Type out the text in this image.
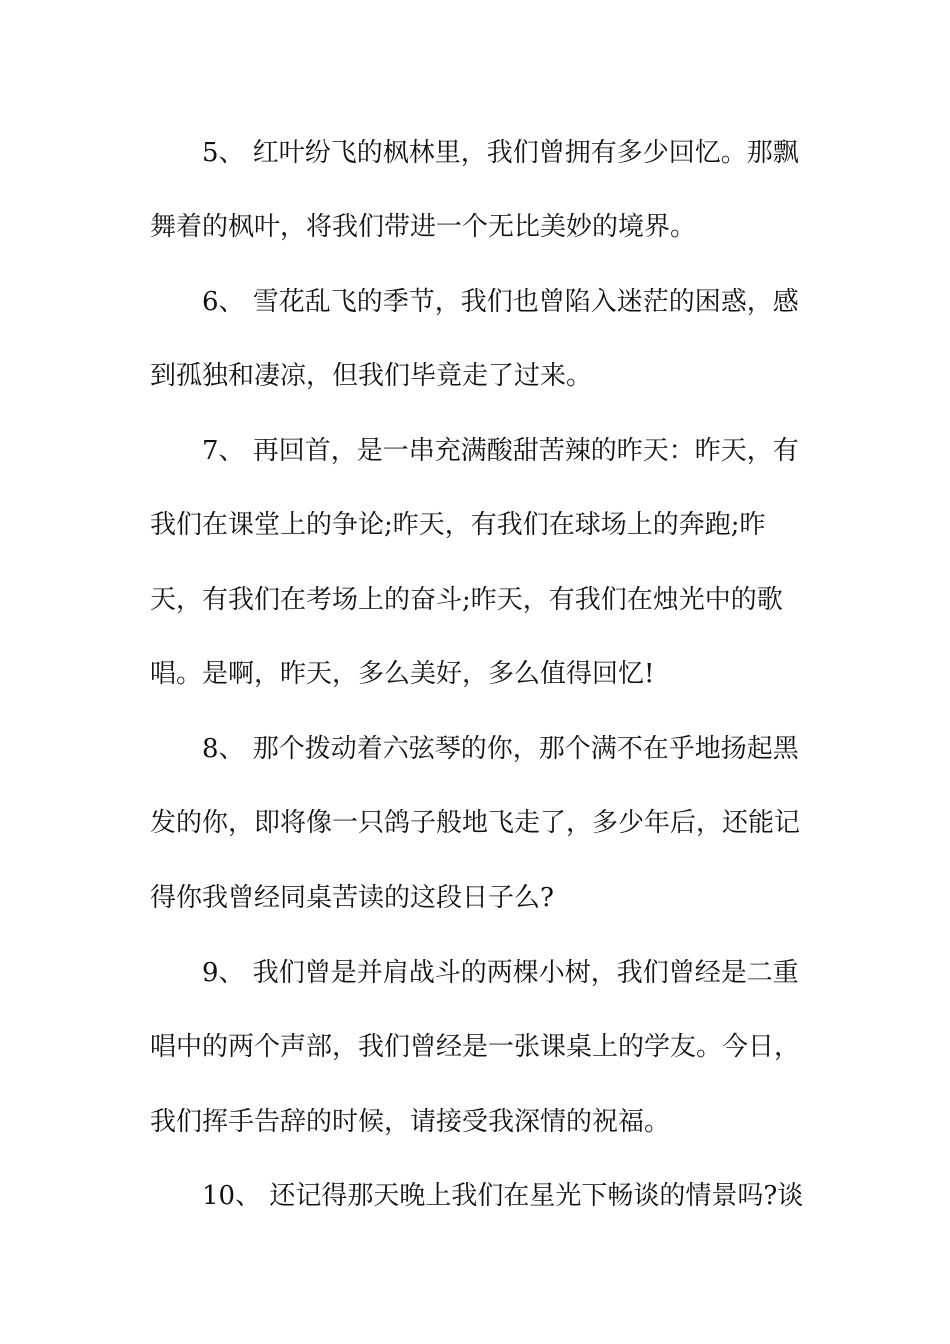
5、 红叶纷飞的枫林里，我们曾拥有多少回忆。那飘
舞着的枫叶，将我们带进一个无比美妙的境界。
6、 雪花乱飞的季节，我们也曾陷入迷茫的困惑，感
到孤独和凄凉，但我们毕竟走了过来。
7、 再回首，是一串充满酸甜苦辣的昨天：昨天，有
我们在课堂上的争论;昨天，有我们在球场上的奔跑;昨
天，有我们在考场上的奋斗;昨天，有我们在烛光中的歌
唱。是啊，昨天，多么美好，多么值得回忆!
8、 那个拨动着六弦琴的你，那个满不在乎地扬起黑
发的你，即将像一只鸽子般地飞走了，多少年后，还能记
得你我曾经同桌苦读的这段日子么?
9、 我们曾是并肩战斗的两棵小树，我们曾经是二重
唱中的两个声部，我们曾经是一张课桌上的学友。今日，
我们挥手告辞的时候，请接受我深情的祝福。
10、 还记得那天晚上我们在星光下畅谈的情景吗?谈
